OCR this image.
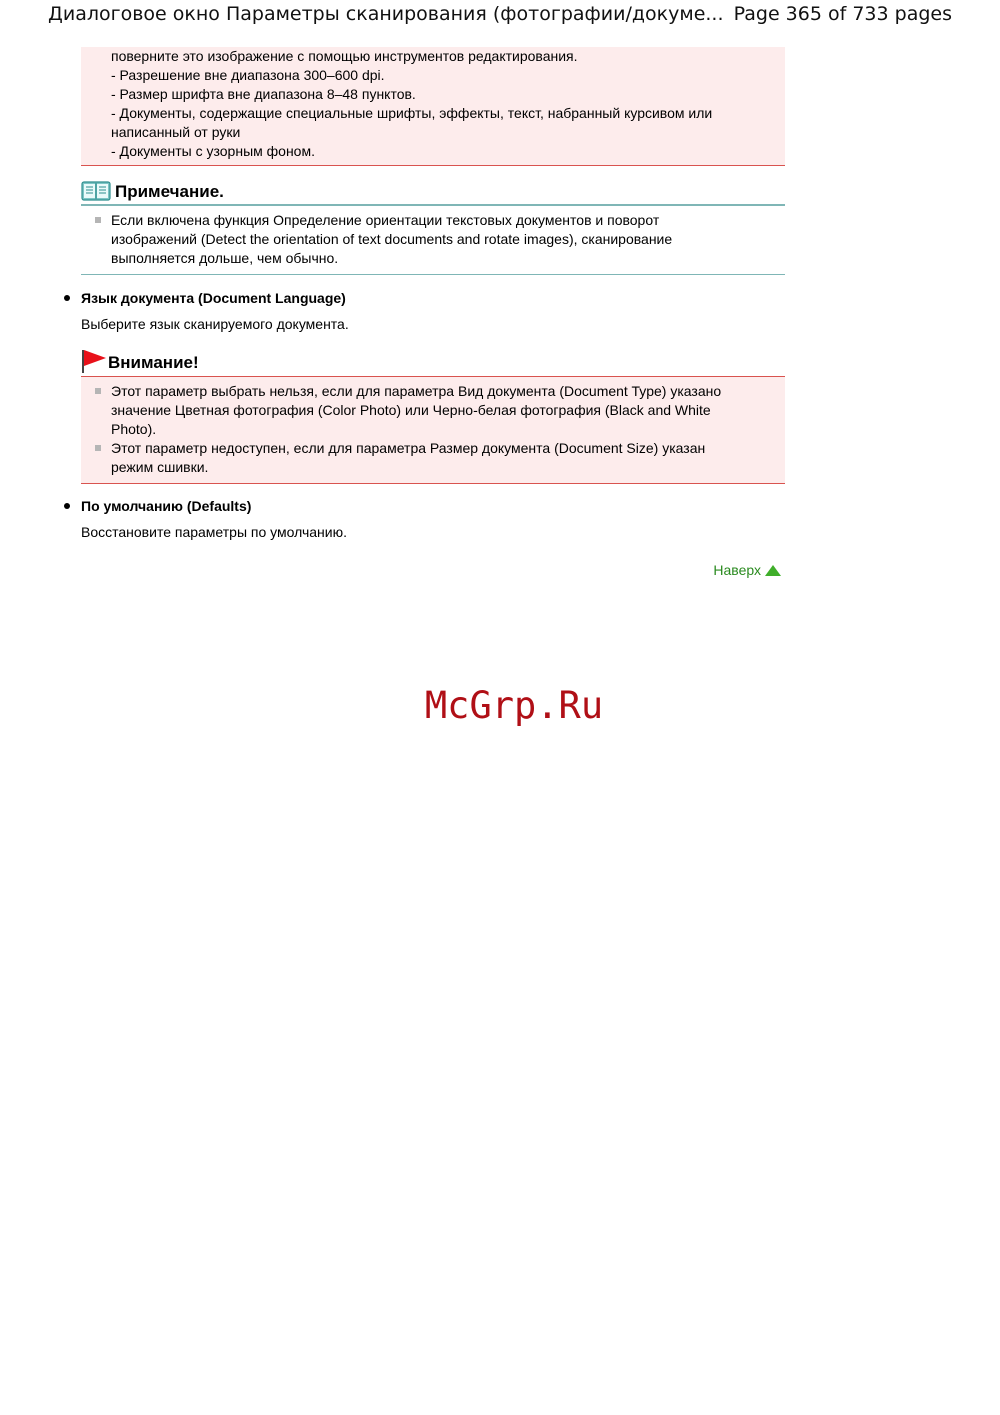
Диалоговое окно Параметры сканирования (фотографии/докуме... Page 365 of 733 pages
поверните это изображение с помощью инструментов редактирования.
- Разрешение вне диапазона 300–600 dpi.
- Размер шрифта вне диапазона 8–48 пунктов.
- Документы, содержащие специальные шрифты, эффекты, текст, набранный курсивом или
написанный от руки
- Документы с узорным фоном.
Примечание.
Если включена функция Определение ориентации текстовых документов и поворот изображений (Detect the orientation of text documents and rotate images), сканирование выполняется дольше, чем обычно.
Язык документа (Document Language)
Выберите язык сканируемого документа.
Внимание!
Этот параметр выбрать нельзя, если для параметра Вид документа (Document Type) указано значение Цветная фотография (Color Photo) или Черно-белая фотография (Black and White Photo).
Этот параметр недоступен, если для параметра Размер документа (Document Size) указан режим сшивки.
По умолчанию (Defaults)
Восстановите параметры по умолчанию.
Наверх
McGrp.Ru
